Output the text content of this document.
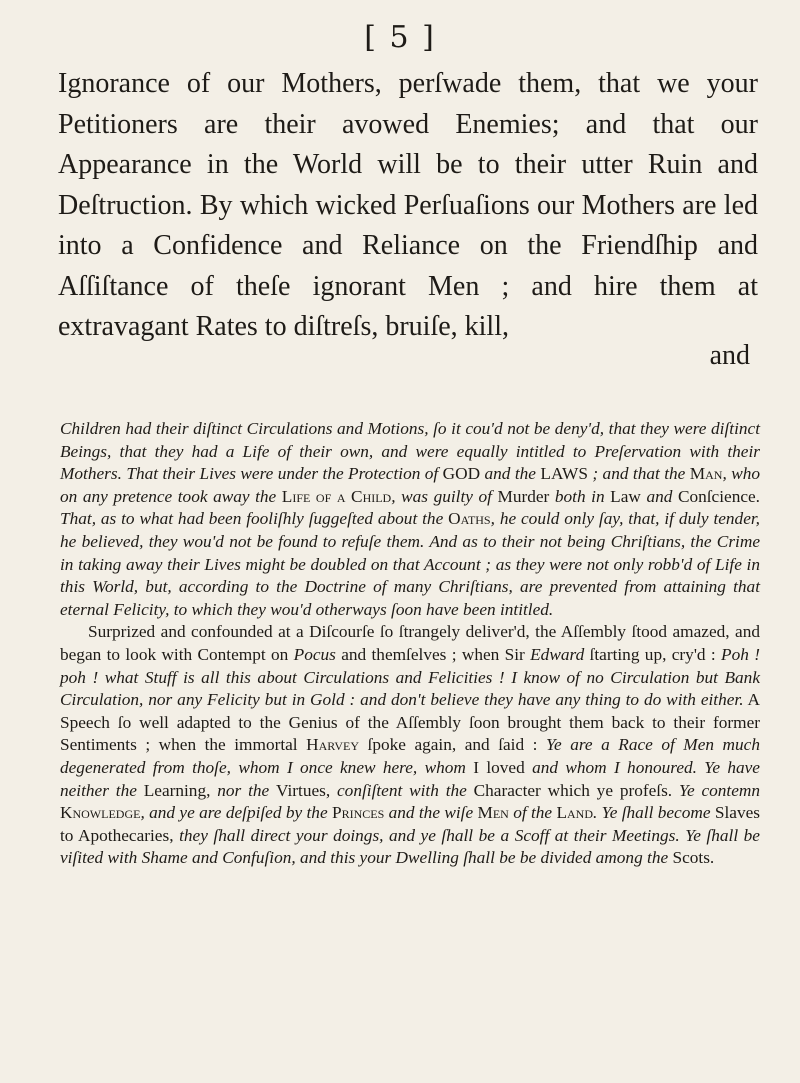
[ 5 ]
Ignorance of our Mothers, perſwade them, that we your Petitioners are their avowed Enemies; and that our Appearance in the World will be to their utter Ruin and Deſtruction. By which wicked Perſuaſions our Mothers are led into a Confidence and Reliance on the Friendſhip and Aſſiſtance of theſe ignorant Men ; and hire them at extravagant Rates to diſtreſs, bruiſe, kill,
and

Children had their diſtinct Circulations and Motions, ſo it cou'd not be deny'd, that they were diſtinct Beings, that they had a Life of their own, and were equally intitled to Preſervation with their Mothers. That their Lives were under the Protection of GOD and the LAWS ; and that the Man, who on any pretence took away the Life of a Child, was guilty of Murder both in Law and Conſcience. That, as to what had been fooliſhly ſuggeſted about the Oaths, he could only ſay, that, if duly tender, he believed, they wou'd not be found to refuſe them. And as to their not being Chriſtians, the Crime in taking away their Lives might be doubled on that Account ; as they were not only robb'd of Life in this World, but, according to the Doctrine of many Chriſtians, are prevented from attaining that eternal Felicity, to which they wou'd otherways ſoon have been intitled.

Surprized and confounded at a Diſcourſe ſo ſtrangely deliver'd, the Aſſembly ſtood amazed, and began to look with Contempt on Pocus and themſelves ; when Sir Edward ſtarting up, cry'd : Poh ! poh ! what Stuff is all this about Circulations and Felicities ! I know of no Circulation but Bank Circulation, nor any Felicity but in Gold : and don't believe they have any thing to do with either. A Speech ſo well adapted to the Genius of the Aſſembly ſoon brought them back to their former Sentiments ; when the immortal Harvey ſpoke again, and ſaid : Ye are a Race of Men much degenerated from thoſe, whom I once knew here, whom I loved and whom I honoured. Ye have neither the Learning, nor the Virtues, conſiſtent with the Character which ye profeſs. Ye contemn Knowledge, and ye are deſpiſed by the Princes and the wiſe Men of the Land. Ye ſhall become Slaves to Apothecaries, they ſhall direct your doings, and ye ſhall be a Scoff at their Meetings. Ye ſhall be viſited with Shame and Confuſion, and this your Dwelling ſhall be be divided among the Scots.
